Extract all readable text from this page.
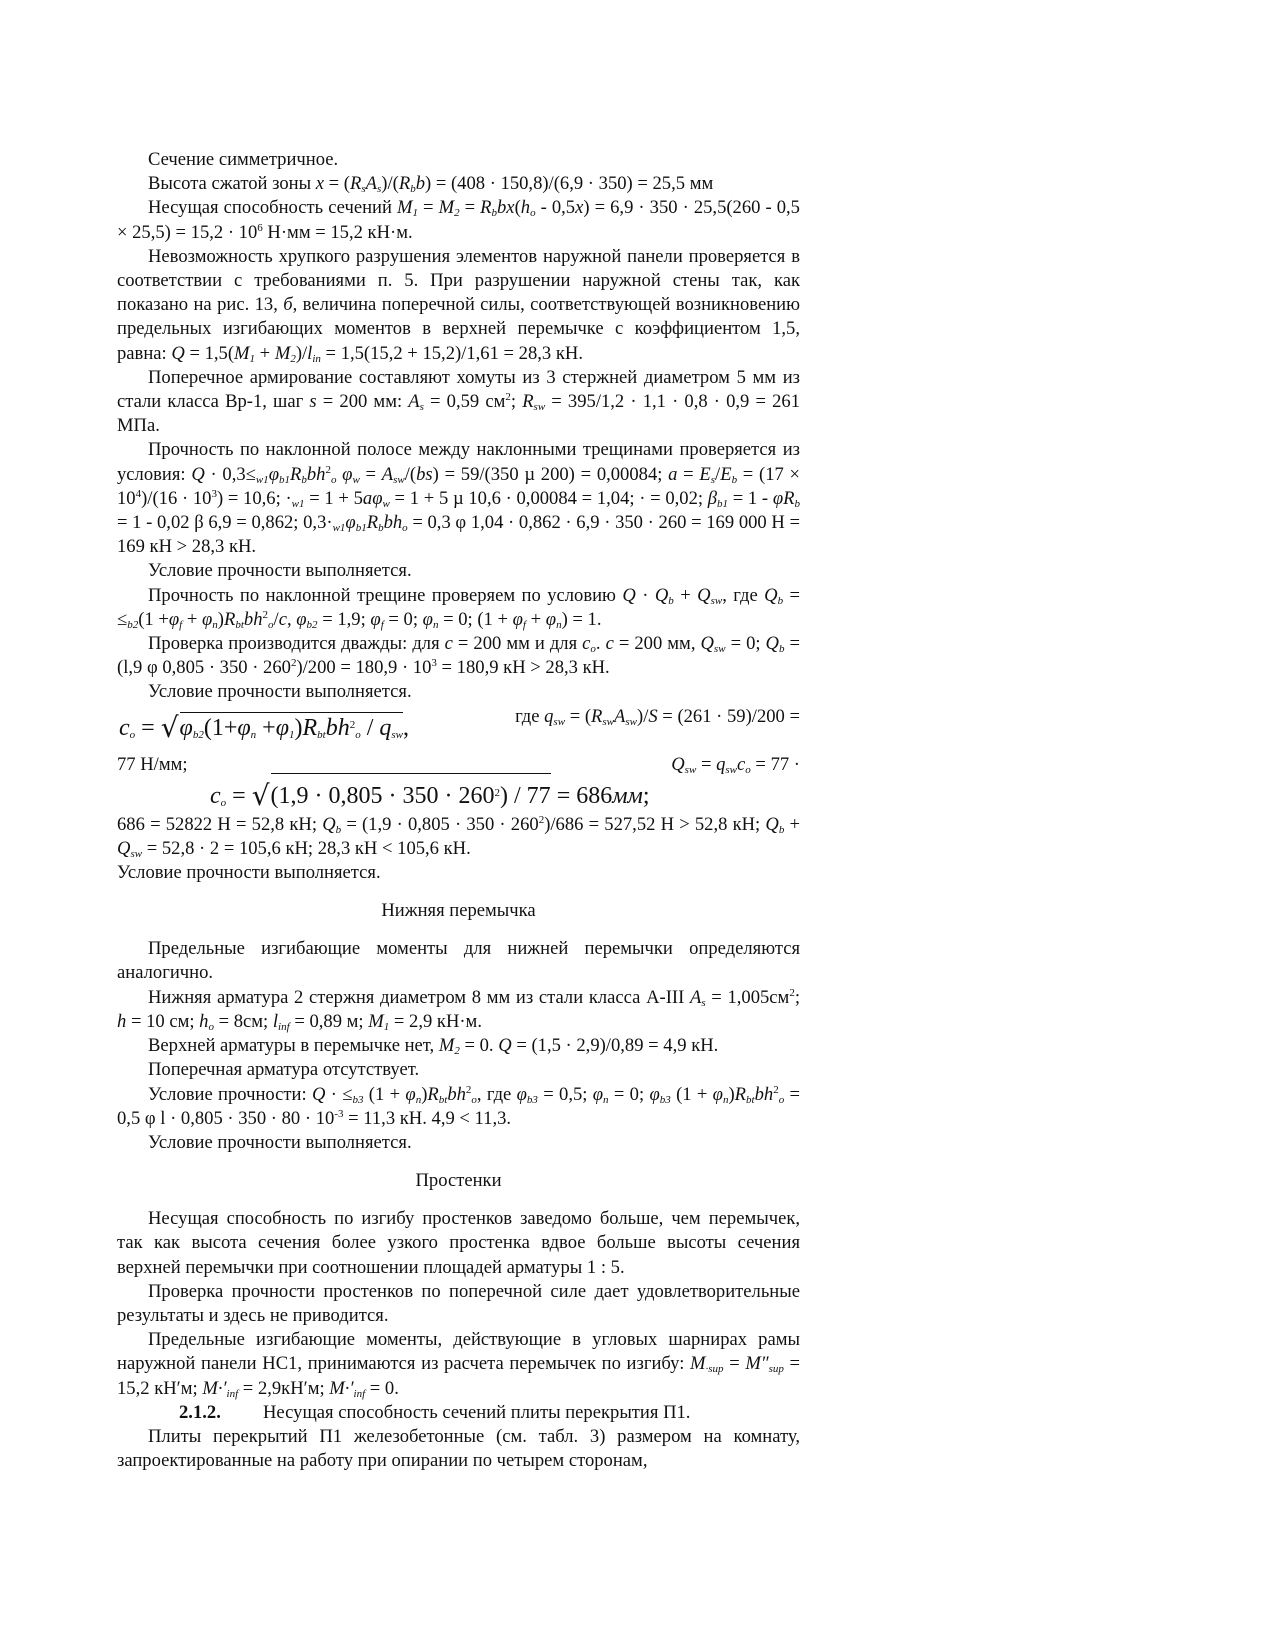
Сечение симметричное.

Высота сжатой зоны $x = (R_sA_s)/(R_bb) = (408 \cdot 150,8)/(6,9 \cdot 350) = 25,5$ мм

Несущая способность сечений $M_1 = M_2 = R_bbx(h_o - 0,5x) = 6,9 \cdot 350 \cdot 25,5(260 - 0,5 \times 25,5) = 15,2 \cdot 10^6$ Н·мм = 15,2 кН·м.

Невозможность хрупкого разрушения элементов наружной панели проверяется в соответствии с требованиями п. 5. При разрушении наружной стены так, как показано на рис. 13, б, величина поперечной силы, соответствующей возникновению предельных изгибающих моментов в верхней перемычке с коэффициентом 1,5, равна: $Q = 1,5(M_1 + M_2)/l_{in} = 1,5(15,2 + 15,2)/1,61 = 28,3$ кН.

Поперечное армирование составляют хомуты из 3 стержней диаметром 5 мм из стали класса Вр-1, шаг s = 200 мм: $A_s = 0,59$ $см^2$; $R_{sw} = 395/1,2 \cdot 1,1 \cdot 0,8 \cdot 0,9 = 261$ МПа.

Прочность по наклонной полосе между наклонными трещинами проверяется из условия: $Q \cdot 0,3\le_{w1}\varphi_{b1}R_bbh^2_o$ $\varphi_w = A_{sw}/(bs) = 59/(350$ µ 200) = 0,00084; $a = E_s/E_b = (17 \times 10^4)/(16 \cdot 10^3) = 10,6$; $\cdot_{w1} = 1 + 5a\varphi_w = 1 + 5$ µ 10,6 · 0,00084 = 1,04; · = 0,02; $\beta_{b1} = 1 - \varphi R_b = 1 - 0,02$ β 6,9 = 0,862; $0,3\cdot_{w1}\varphi_{b1}R_bbh_o = 0,3$ φ 1,04 · 0,862 · 6,9 · 350 · 260 = 169 000 Н = 169 кН > 28,3 кН.

Условие прочности выполняется.

Прочность по наклонной трещине проверяем по условию $Q \cdot Q_b + Q_{sw}$, где $Q_b = \le_{b2}(1 +\varphi_f + \varphi_n)R_{bt}bh^2_o/c$, $\varphi_{b2} = 1,9$; $\varphi_f = 0$; $\varphi_n = 0$; $(1 + \varphi_f + \varphi_n) = 1$.

Проверка производится дважды: для c = 200 мм и для $c_o$. c = 200 мм, $Q_{sw} = 0$; $Q_b = (l,9$ φ $0,805 \cdot 350 \cdot 260^2)/200 = 180,9 \cdot 10^3 = 180,9$ кН > 28,3 кН.

Условие прочности выполняется.

$c_o = √\varphi_{b2}(1+\varphi_n +\varphi_1)R_{bt}bh^2_o / q_{sw}$,	где $q_{sw} = (R_{sw}A_{sw})/S = (261 \cdot 59)/200$ =
77 Н/мм;	$Q_{sw} = q_{sw}c_o = 77$ ·
$c_o = √(1,9 \cdot 0,805 \cdot 350 \cdot 260^2) / 77 = 686мм$;

686 = 52822 Н = 52,8 кН; $Q_b = (1,9 \cdot 0,805 \cdot 350 \cdot 260^2)/686 = 527,52$ Н > 52,8 кН; $Q_b + Q_{sw} = 52,8 \cdot 2 = 105,6$ кН; 28,3 кН < 105,6 кН.

Условие прочности выполняется.

Нижняя перемычка

Предельные изгибающие моменты для нижней перемычки определяются аналогично.

Нижняя арматура 2 стержня диаметром 8 мм из стали класса А-III $A_s = 1,005см^2$; h = 10 см; $h_o = 8см$; $l_{inf} = 0,89$ м; $M_1 = 2,9$ кН·м.

Верхней арматуры в перемычке нет, $M_2 = 0$. Q = (1,5 · 2,9)/0,89 = 4,9 кН.

Поперечная арматура отсутствует.

Условие прочности: $Q \cdot \le_{b3}$ $(1 + \varphi_n)R_{bt}bh^2_o$, где $\varphi_{b3} = 0,5$; $\varphi_n = 0$; $\varphi_{b3}$ $(1 + \varphi_n)R_{bt}bh^2_o = 0,5$ φ $l \cdot 0,805 \cdot 350 \cdot 80 \cdot 10^{-3} = 11,3$ кН. 4,9 < 11,3.

Условие прочности выполняется.

Простенки

Несущая способность по изгибу простенков заведомо больше, чем перемычек, так как высота сечения более узкого простенка вдвое больше высоты сечения верхней перемычки при соотношении площадей арматуры 1 : 5.

Проверка прочности простенков по поперечной силе дает удовлетворительные результаты и здесь не приводится.

Предельные изгибающие моменты, действующие в угловых шарнирах рамы наружной панели НС1, принимаются из расчета перемычек по изгибу: $M_{\cdot sup} = M''_{sup} = 15,2$ кН′м; $M\cdot'_{inf} = 2,9кН'м$; $M\cdot'_{inf} = 0$.

2.1.2. Несущая способность сечений плиты перекрытия П1.

Плиты перекрытий П1 железобетонные (см. табл. 3) размером на комнату, запроектированные на работу при опирании по четырем сторонам,
